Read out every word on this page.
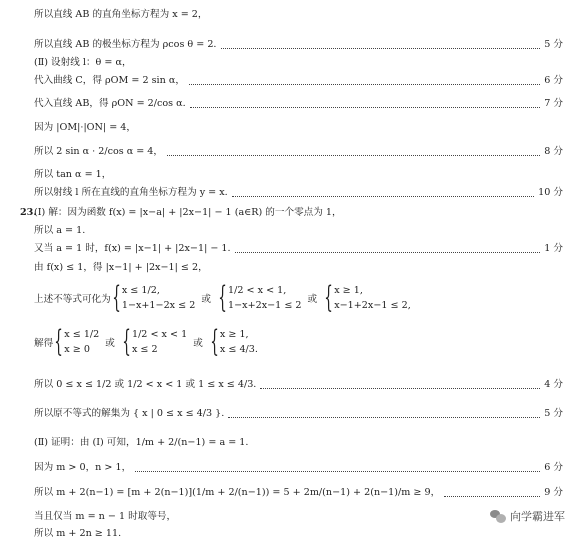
所以直线 AB 的直角坐标方程为 x = 2，
所以直线 AB 的极坐标方程为 ρcos θ = 2.	5 分
(Ⅱ) 设射线 l：θ = α，
代入曲线 C，得 ρOM = 2 sin α，	6 分
代入直线 AB，得 ρON = 2/cos α.	7 分
因为 |OM|·|ON| = 4，
所以 2 sin α · 2/cos α = 4，	8 分
所以 tan α = 1，
所以射线 l 所在直线的直角坐标方程为 y = x.	10 分
23.
(Ⅰ) 解：因为函数 f(x) = |x−a| + |2x−1| − 1 (a∈R) 的一个零点为 1，
所以 a = 1.
又当 a = 1 时，f(x) = |x−1| + |2x−1| − 1.	1 分
由 f(x) ≤ 1，得 |x−1| + |2x−1| ≤ 2，
上述不等式可化为 { x ≤ 1/2,
1−x+1−2x ≤ 2
或 { 1/2 < x < 1,
1−x+2x−1 ≤ 2
或 { x ≥ 1,
x−1+2x−1 ≤ 2,
解得 { x ≤ 1/2
x ≥ 0
或 { 1/2 < x < 1
x ≤ 2
或 { x ≥ 1,
x ≤ 4/3.
所以 0 ≤ x ≤ 1/2 或 1/2 < x < 1 或 1 ≤ x ≤ 4/3.	4 分
所以原不等式的解集为 { x | 0 ≤ x ≤ 4/3 }.	5 分
(Ⅱ) 证明：由 (Ⅰ) 可知，1/m + 2/(n−1) = a = 1.
因为 m > 0，n > 1，	6 分
所以 m + 2(n−1) = [m + 2(n−1)](1/m + 2/(n−1)) = 5 + 2m/(n−1) + 2(n−1)/m ≥ 9，	9 分
当且仅当 m = n − 1 时取等号，
所以 m + 2n ≥ 11.
向学霸进军
